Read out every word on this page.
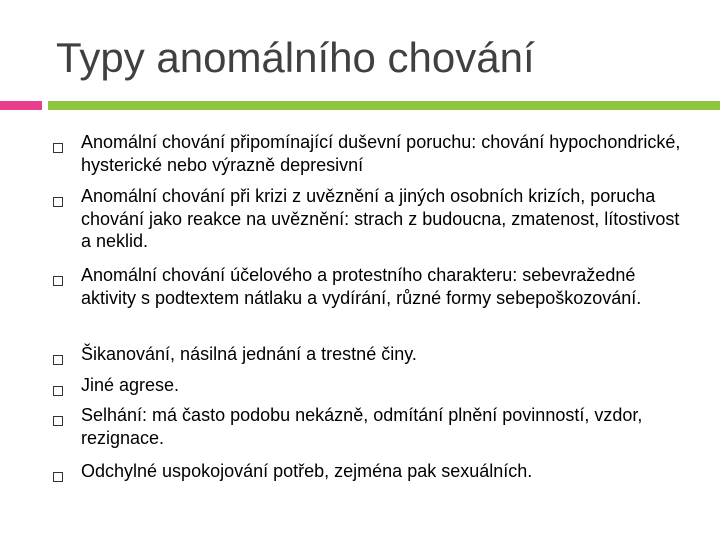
Typy anomálního chování
Anomální chování připomínající duševní poruchu: chování hypochondrické, hysterické nebo výrazně depresivní
Anomální chování při krizi z uvěznění a jiných osobních krizích, porucha chování jako reakce na uvěznění: strach z budoucna, zmatenost, lítostivost a neklid.
Anomální chování účelového a protestního charakteru: sebevražedné aktivity s podtextem nátlaku a vydírání, různé formy sebepoškozování.
Šikanování, násilná jednání a trestné činy.
Jiné agrese.
Selhání: má často podobu nekázně, odmítání plnění povinností, vzdor, rezignace.
Odchylné uspokojování potřeb, zejména pak sexuálních.
